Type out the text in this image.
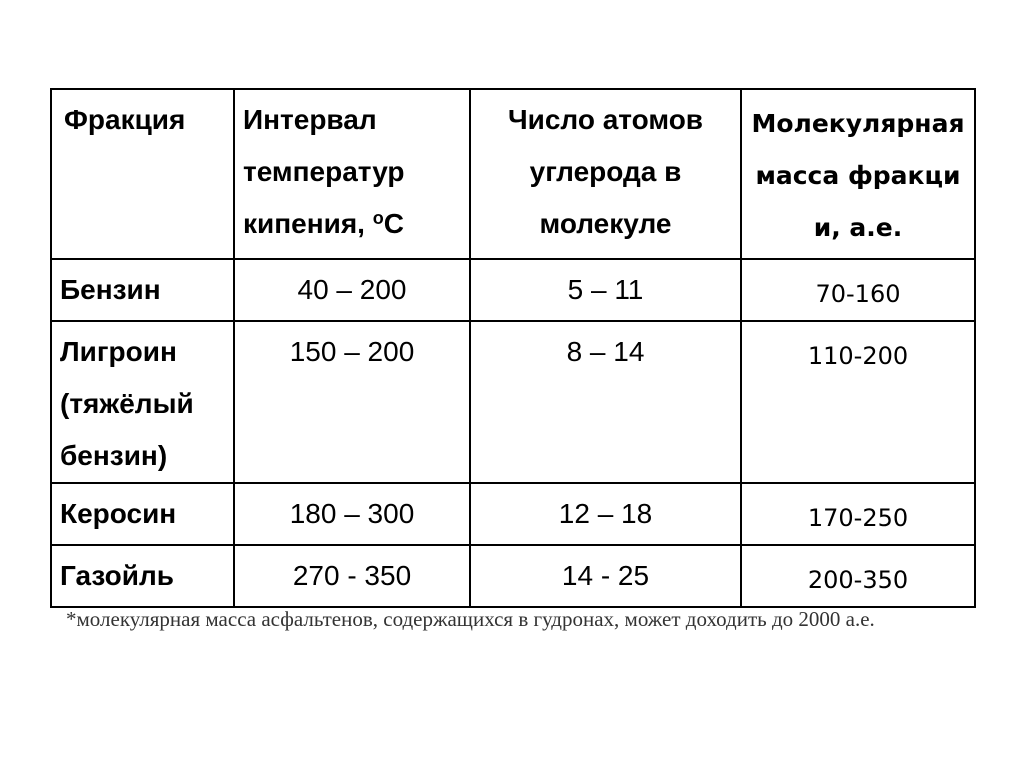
Фракция	Интервал температур кипения, $^o$С	Число атомов углерода в молекуле	Молекулярная масса фракции, а.е.

Бензин	40 – 200	5 – 11	70-160

Лигроин (тяжёлый бензин)	150 – 200	8 – 14	110-200

Керосин	180 – 300	12 – 18	170-250

Газойль	270 - 350	14 - 25	200-350
*молекулярная масса асфальтенов, содержащихся в гудронах, может доходить до 2000 а.е.
